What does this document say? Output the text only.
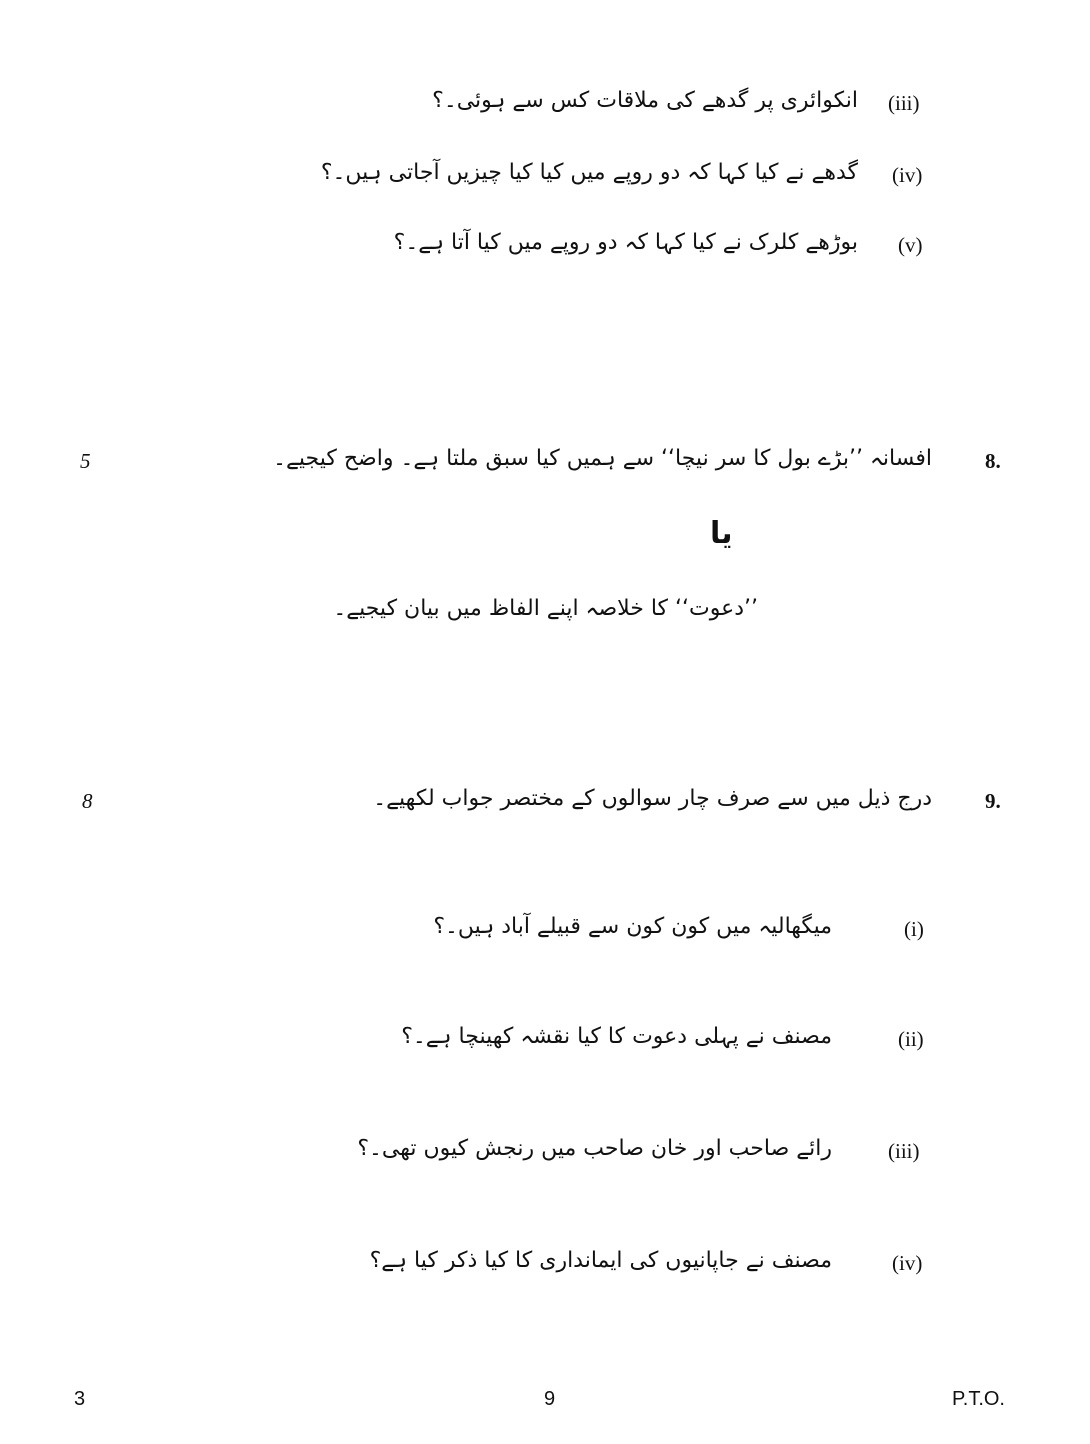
(iii)
انکوائری پر گدھے کی ملاقات کس سے ہوئی۔؟
(iv)
گدھے نے کیا کہا کہ دو روپے میں کیا کیا چیزیں آجاتی ہیں۔؟
(v)
بوڑھے کلرک نے کیا کہا کہ دو روپے میں کیا آتا ہے۔؟
8.
افسانہ ’’بڑے بول کا سر نیچا‘‘ سے ہمیں کیا سبق ملتا ہے۔ واضح کیجیے۔
5
یا
’’دعوت‘‘ کا خلاصہ اپنے الفاظ میں بیان کیجیے۔
9.
درج ذیل میں سے صرف چار سوالوں کے مختصر جواب لکھیے۔
8
(i)
میگھالیہ میں کون کون سے قبیلے آباد ہیں۔؟
(ii)
مصنف نے پہلی دعوت کا کیا نقشہ کھینچا ہے۔؟
(iii)
رائے صاحب اور خان صاحب میں رنجش کیوں تھی۔؟
(iv)
مصنف نے جاپانیوں کی ایمانداری کا کیا ذکر کیا ہے؟
3	9	P.T.O.
